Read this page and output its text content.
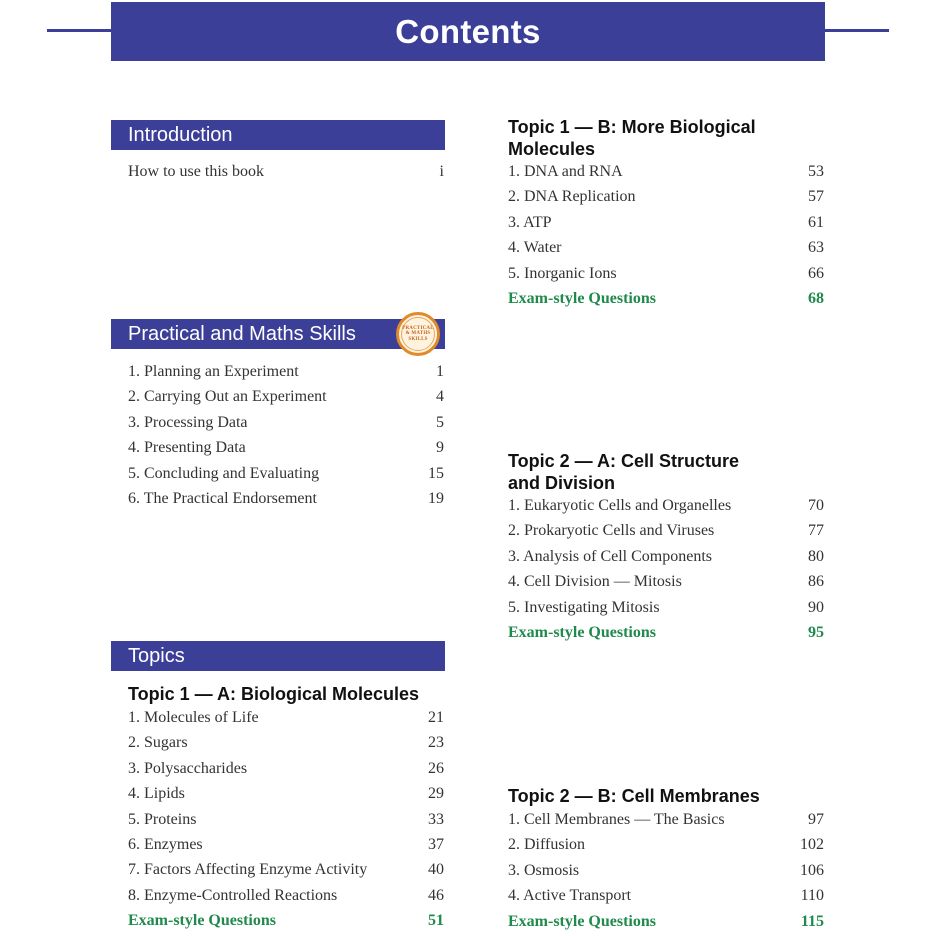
Contents
Introduction
How to use this book	i
Practical and Maths Skills	PRACTICAL
& MATHS
SKILLS
1. Planning an Experiment	1
2. Carrying Out an Experiment	4
3. Processing Data	5
4. Presenting Data	9
5. Concluding and Evaluating	15
6. The Practical Endorsement	19
Topics
Topic 1 — A: Biological Molecules
1. Molecules of Life	21
2. Sugars	23
3. Polysaccharides	26
4. Lipids	29
5. Proteins	33
6. Enzymes	37
7. Factors Affecting Enzyme Activity	40
8. Enzyme-Controlled Reactions	46
Exam-style Questions	51
Topic 1 — B: More Biological
Molecules
1. DNA and RNA	53
2. DNA Replication	57
3. ATP	61
4. Water	63
5. Inorganic Ions	66
Exam-style Questions	68
Topic 2 — A: Cell Structure
and Division
1. Eukaryotic Cells and Organelles	70
2. Prokaryotic Cells and Viruses	77
3. Analysis of Cell Components	80
4. Cell Division — Mitosis	86
5. Investigating Mitosis	90
Exam-style Questions	95
Topic 2 — B: Cell Membranes
1. Cell Membranes — The Basics	97
2. Diffusion	102
3. Osmosis	106
4. Active Transport	110
Exam-style Questions	115
